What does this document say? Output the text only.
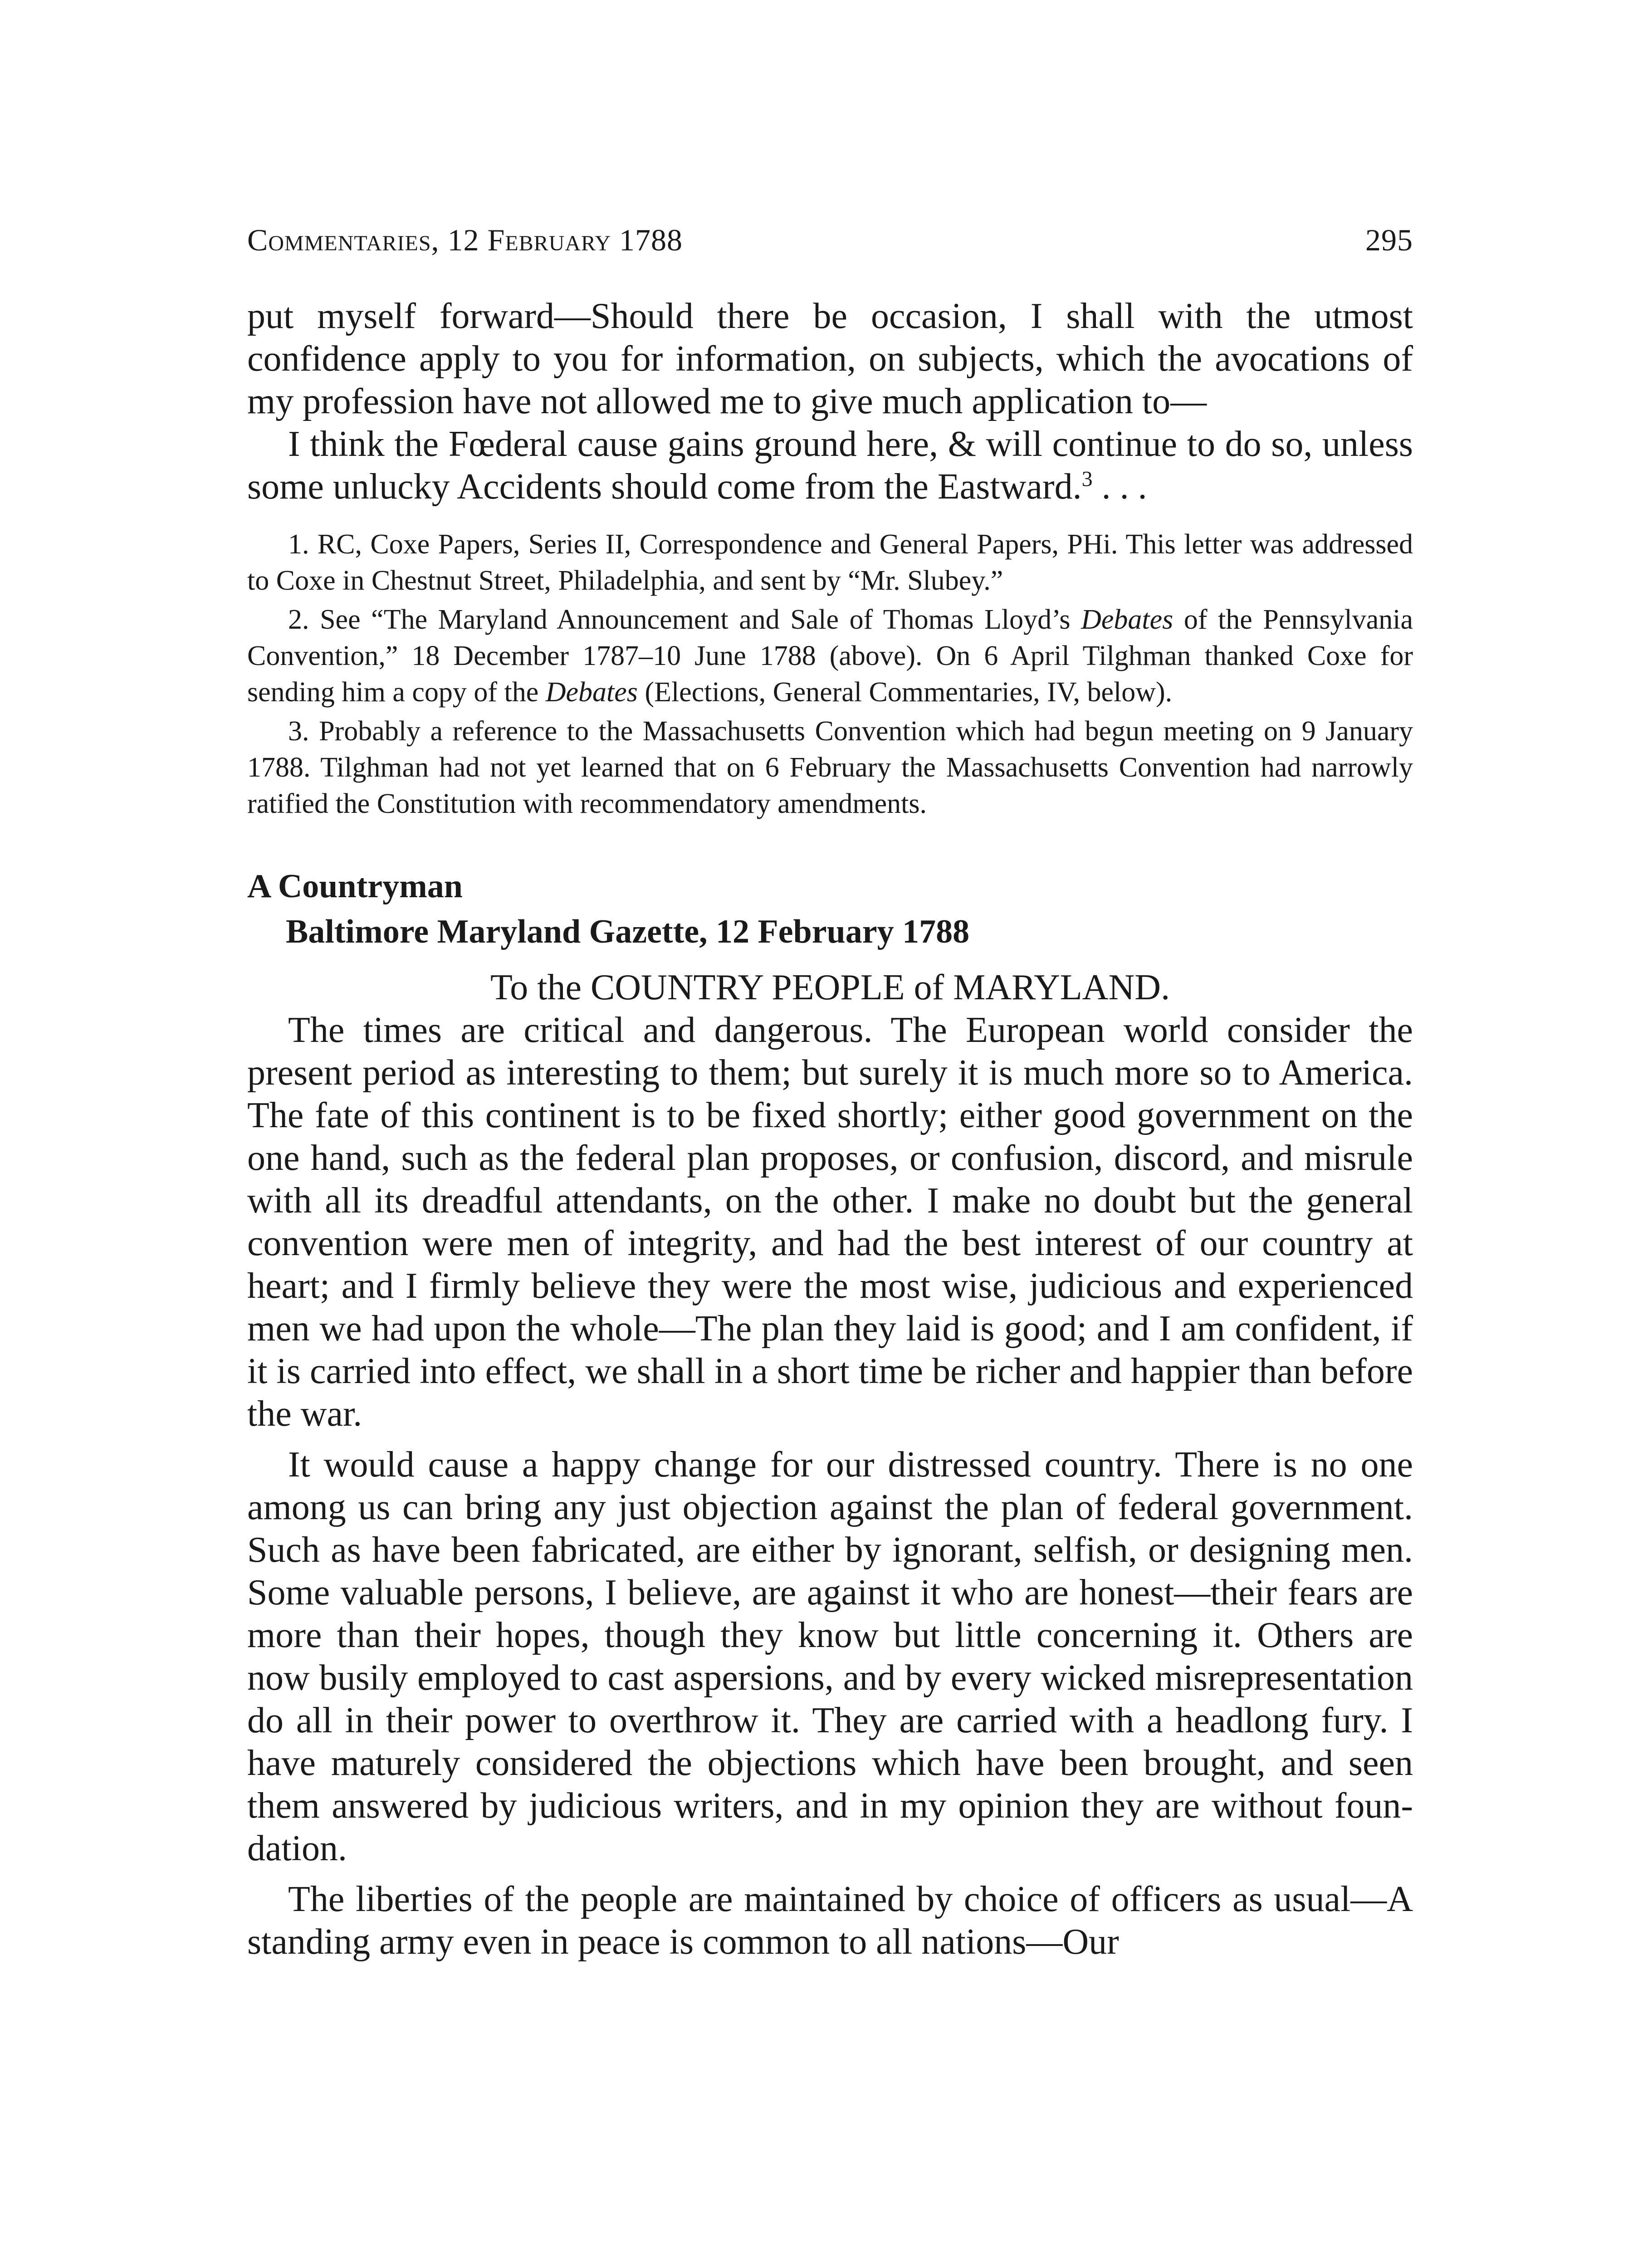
Commentaries, 12 February 1788	295

put myself forward—Should there be occasion, I shall with the utmost confidence apply to you for information, on subjects, which the avocations of my profession have not allowed me to give much application to—

I think the Fœderal cause gains ground here, & will continue to do so, unless some unlucky Accidents should come from the Eastward.$^3$ . . .

1. RC, Coxe Papers, Series II, Correspondence and General Papers, PHi. This letter was addressed to Coxe in Chestnut Street, Philadelphia, and sent by “Mr. Slubey.”

2. See “The Maryland Announcement and Sale of Thomas Lloyd’s Debates of the Pennsylvania Convention,” 18 December 1787–10 June 1788 (above). On 6 April Tilghman thanked Coxe for sending him a copy of the Debates (Elections, General Commentaries, IV, below).

3. Probably a reference to the Massachusetts Convention which had begun meeting on 9 January 1788. Tilghman had not yet learned that on 6 February the Massachusetts Convention had narrowly ratified the Constitution with recommendatory amendments.

A Countryman
Baltimore Maryland Gazette, 12 February 1788

To the COUNTRY PEOPLE of MARYLAND.

The times are critical and dangerous. The European world consider the present period as interesting to them; but surely it is much more so to America. The fate of this continent is to be fixed shortly; either good government on the one hand, such as the federal plan proposes, or confusion, discord, and misrule with all its dreadful attendants, on the other. I make no doubt but the general convention were men of integrity, and had the best interest of our country at heart; and I firmly believe they were the most wise, judicious and experienced men we had upon the whole—The plan they laid is good; and I am confident, if it is carried into effect, we shall in a short time be richer and happier than before the war.

It would cause a happy change for our distressed country. There is no one among us can bring any just objection against the plan of federal government. Such as have been fabricated, are either by ignorant, selfish, or designing men. Some valuable persons, I believe, are against it who are honest—their fears are more than their hopes, though they know but little concerning it. Others are now busily employed to cast aspersions, and by every wicked misrepresentation do all in their power to overthrow it. They are carried with a headlong fury. I have maturely considered the objections which have been brought, and seen them answered by judicious writers, and in my opinion they are without foundation.

The liberties of the people are maintained by choice of officers as usual—A standing army even in peace is common to all nations—Our
